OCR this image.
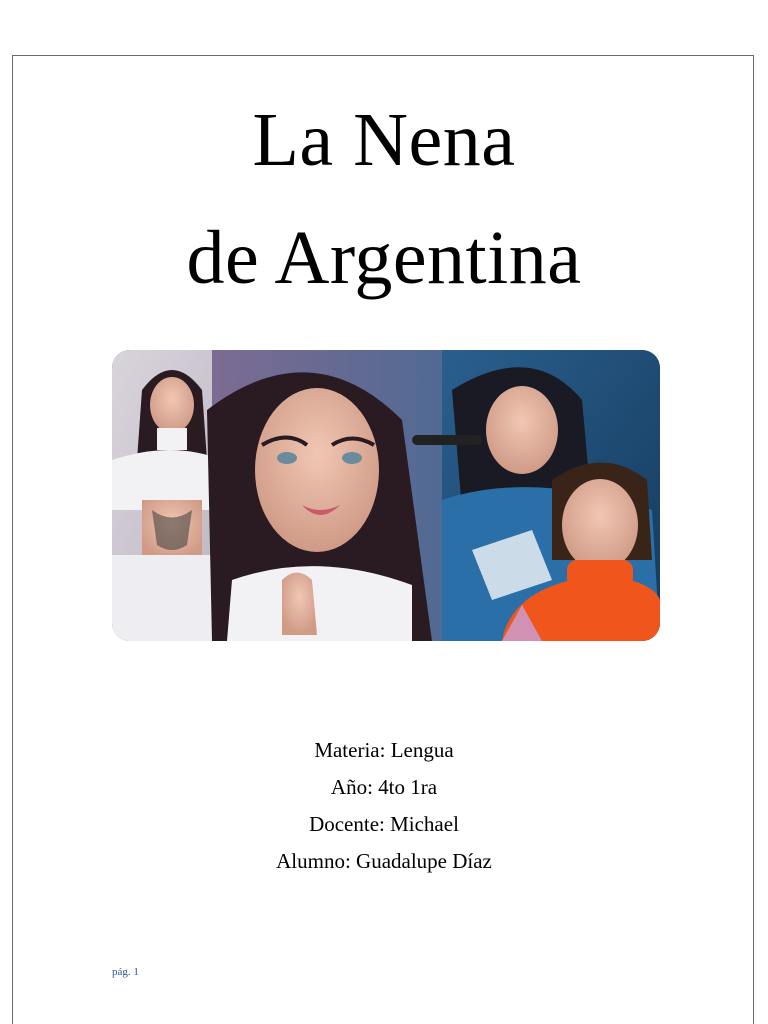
La Nena
de Argentina
Materia: Lengua
Año: 4to 1ra
Docente: Michael
Alumno: Guadalupe Díaz
pág. 1
